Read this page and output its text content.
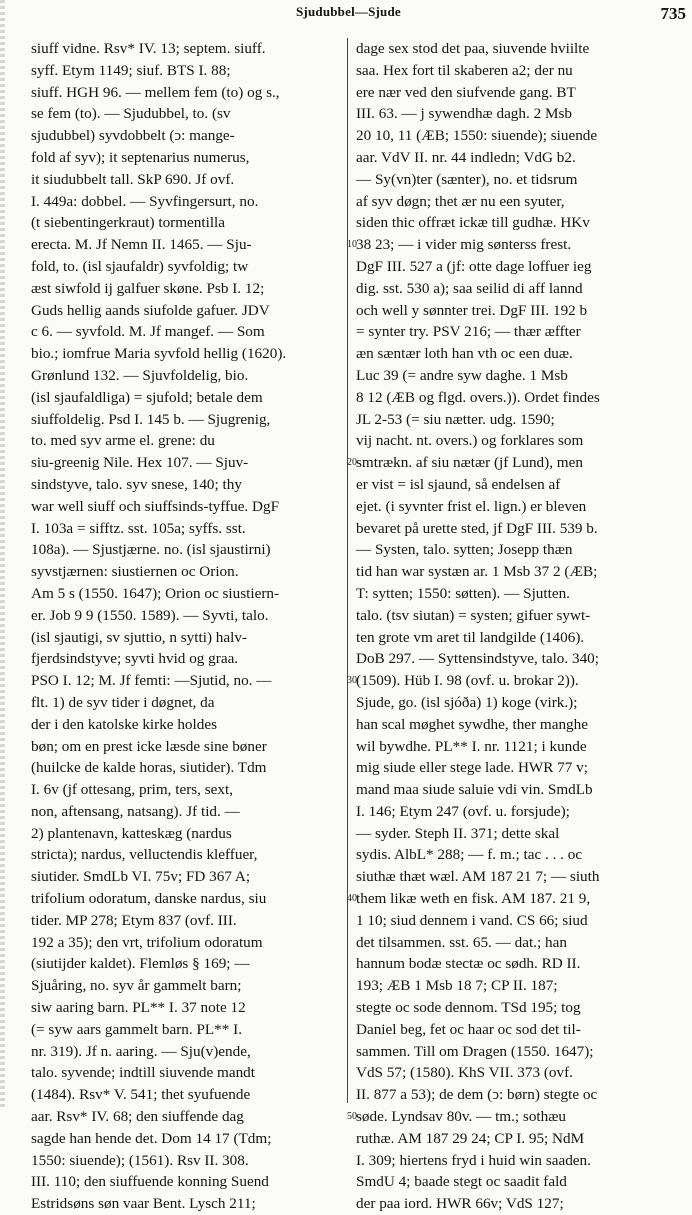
Sjudubbel—Sjude	735
siuff vidne. Rsv* IV. 13; septem. siuff.
syff. Etym 1149; siuf. BTS I. 88;
siuff. HGH 96. — mellem fem (to) og s.,
se fem (to). — Sjudubbel, to. (sv
sjudubbel) syvdobbelt (ↄ: mange-
fold af syv); it septenarius numerus,
it siudubbelt tall. SkP 690. Jf ovf.
I. 449a: dobbel. — Syvfingersurt, no.
(t siebentingerkraut) tormentilla
erecta. M. Jf Nemn II. 1465. — Sju-
fold, to. (isl sjaufaldr) syvfoldig; tw
æst siwfold ij galfuer skøne. Psb I. 12;
Guds hellig aands siufolde gafuer. JDV
c 6. — syvfold. M. Jf mangef. — Som
bio.; iomfrue Maria syvfold hellig (1620).
Grønlund 132. — Sjuvfoldelig, bio.
(isl sjaufaldliga) = sjufold; betale dem
siuffoldelig. Psd I. 145 b. — Sjugrenig,
to. med syv arme el. grene: du
siu-greenig Nile. Hex 107. — Sjuv-
sindstyve, talo. syv snese, 140; thy
war well siuff och siuffsinds-tyffue. DgF
I. 103a = sifftz. sst. 105a; syffs. sst.
108a). — Sjustjærne. no. (isl sjaustirni)
syvstjærnen: siustiernen oc Orion.
Am 5 s (1550. 1647); Orion oc siustiern-
er. Job 9 9 (1550. 1589). — Syvti, talo.
(isl sjautigi, sv sjuttio, n sytti) halv-
fjerdsindstyve; syvti hvid og graa.
PSO I. 12; M. Jf femti: —Sjutid, no. —
flt. 1) de syv tider i døgnet, da
der i den katolske kirke holdes
bøn; om en prest icke læsde sine bøner
(huilcke de kalde horas, siutider). Tdm
I. 6v (jf ottesang, prim, ters, sext,
non, aftensang, natsang). Jf tid. —
2) plantenavn, katteskæg (nardus
stricta); nardus, velluctendis kleffuer,
siutider. SmdLb VI. 75v; FD 367 A;
trifolium odoratum, danske nardus, siu
tider. MP 278; Etym 837 (ovf. III.
192 a 35); den vrt, trifolium odoratum
(siutijder kaldet). Flemløs § 169; —
Sjuåring, no. syv år gammelt barn;
siw aaring barn. PL** I. 37 note 12
(= syw aars gammelt barn. PL** I.
nr. 319). Jf n. aaring. — Sju(v)ende,
talo. syvende; indtill siuvende mandt
(1484). Rsv* V. 541; thet syufuende
aar. Rsv* IV. 68; den siuffende dag
sagde han hende det. Dom 14 17 (Tdm;
1550: siuende); (1561). Rsv II. 308.
III. 110; den siuffuende konning Suend
Estridsøns søn vaar Bent. Lysch 211;
10
20
30
40
50
dage sex stod det paa, siuvende hviilte
saa. Hex fort til skaberen a2; der nu
ere nær ved den siufvende gang. BT
III. 63. — j sywendhæ dagh. 2 Msb
20 10, 11 (ÆB; 1550: siuende); siuende
aar. VdV II. nr. 44 indledn; VdG b2.
— Sy(vn)ter (sænter), no. et tidsrum
af syv døgn; thet ær nu een syuter,
siden thic offræt ickæ till gudhæ. HKv
38 23; — i vider mig sønterss frest.
DgF III. 527 a (jf: otte dage loffuer ieg
dig. sst. 530 a); saa seilid di aff lannd
och well y sønnter trei. DgF III. 192 b
= synter try. PSV 216; — thær æffter
æn sæntær loth han vth oc een duæ.
Luc 39 (= andre syw daghe. 1 Msb
8 12 (ÆB og flgd. overs.)). Ordet findes
JL 2-53 (= siu nætter. udg. 1590;
vij nacht. nt. overs.) og forklares som
smtrækn. af siu nætær (jf Lund), men
er vist = isl sjaund, så endelsen af
ejet. (i syvnter frist el. lign.) er bleven
bevaret på urette sted, jf DgF III. 539 b.
— Systen, talo. sytten; Josepp thæn
tid han war systæn ar. 1 Msb 37 2 (ÆB;
T: sytten; 1550: søtten). — Sjutten.
talo. (tsv siutan) = systen; gifuer sywt-
ten grote vm aret til landgilde (1406).
DoB 297. — Syttensindstyve, talo. 340;
(1509). Hüb I. 98 (ovf. u. brokar 2)).
Sjude, go. (isl sjóða) 1) koge (virk.);
han scal møghet sywdhe, ther manghe
wil bywdhe. PL** I. nr. 1121; i kunde
mig siude eller stege lade. HWR 77 v;
mand maa siude saluie vdi vin. SmdLb
I. 146; Etym 247 (ovf. u. forsjude);
— syder. Steph II. 371; dette skal
sydis. AlbL* 288; — f. m.; tac . . . oc
siuthæ thæt wæl. AM 187 21 7; — siuth
them likæ weth en fisk. AM 187. 21 9,
1 10; siud dennem i vand. CS 66; siud
det tilsammen. sst. 65. — dat.; han
hannum bodæ stectæ oc sødh. RD II.
193; ÆB 1 Msb 18 7; CP II. 187;
stegte oc sode dennom. TSd 195; tog
Daniel beg, fet oc haar oc sod det til-
sammen. Till om Dragen (1550. 1647);
VdS 57; (1580). KhS VII. 373 (ovf.
II. 877 a 53); de dem (ↄ: børn) stegte oc
søde. Lyndsav 80v. — tm.; sothæu
ruthæ. AM 187 29 24; CP I. 95; NdM
I. 309; hiertens fryd i huid win saaden.
SmdU 4; baade stegt oc saadit fald
der paa iord. HWR 66v; VdS 127;
